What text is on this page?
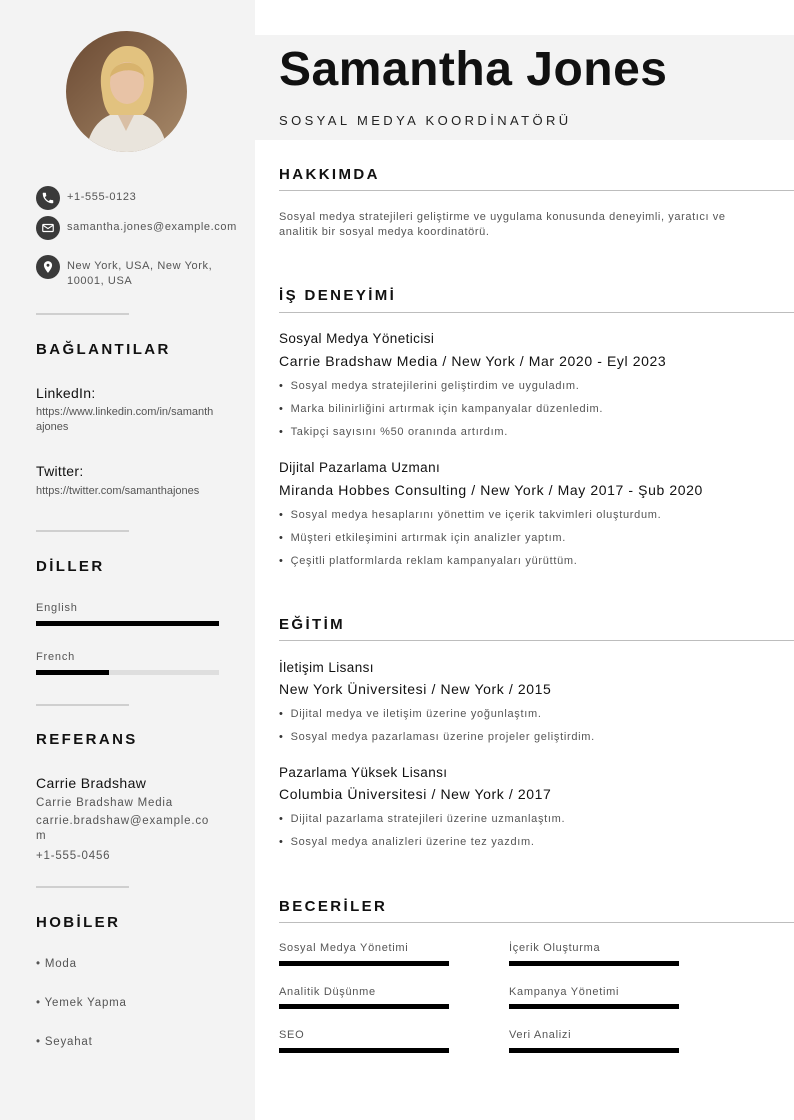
+1-555-0123
samantha.jones@example.com
New York, USA, New York, 10001, USA
BAĞLANTILAR
LinkedIn:
https://www.linkedin.com/in/samanthajones
Twitter:
https://twitter.com/samanthajones
DİLLER
English
French
REFERANS
Carrie Bradshaw
Carrie Bradshaw Media
carrie.bradshaw@example.com
+1-555-0456
HOBİLER
• Moda
• Yemek Yapma
• Seyahat
Samantha Jones
SOSYAL MEDYA KOORDİNATÖRÜ
HAKKIMDA
Sosyal medya stratejileri geliştirme ve uygulama konusunda deneyimli, yaratıcı ve analitik bir sosyal medya koordinatörü.
İŞ DENEYİMİ
Sosyal Medya Yöneticisi
Carrie Bradshaw Media / New York / Mar 2020 - Eyl 2023
• Sosyal medya stratejilerini geliştirdim ve uyguladım.
• Marka bilinirliğini artırmak için kampanyalar düzenledim.
• Takipçi sayısını %50 oranında artırdım.
Dijital Pazarlama Uzmanı
Miranda Hobbes Consulting / New York / May 2017 - Şub 2020
• Sosyal medya hesaplarını yönettim ve içerik takvimleri oluşturdum.
• Müşteri etkileşimini artırmak için analizler yaptım.
• Çeşitli platformlarda reklam kampanyaları yürüttüm.
EĞİTİM
İletişim Lisansı
New York Üniversitesi / New York / 2015
• Dijital medya ve iletişim üzerine yoğunlaştım.
• Sosyal medya pazarlaması üzerine projeler geliştirdim.
Pazarlama Yüksek Lisansı
Columbia Üniversitesi / New York / 2017
• Dijital pazarlama stratejileri üzerine uzmanlaştım.
• Sosyal medya analizleri üzerine tez yazdım.
BECERİLER
Sosyal Medya Yönetimi	İçerik Oluşturma
Analitik Düşünme	Kampanya Yönetimi
SEO	Veri Analizi
